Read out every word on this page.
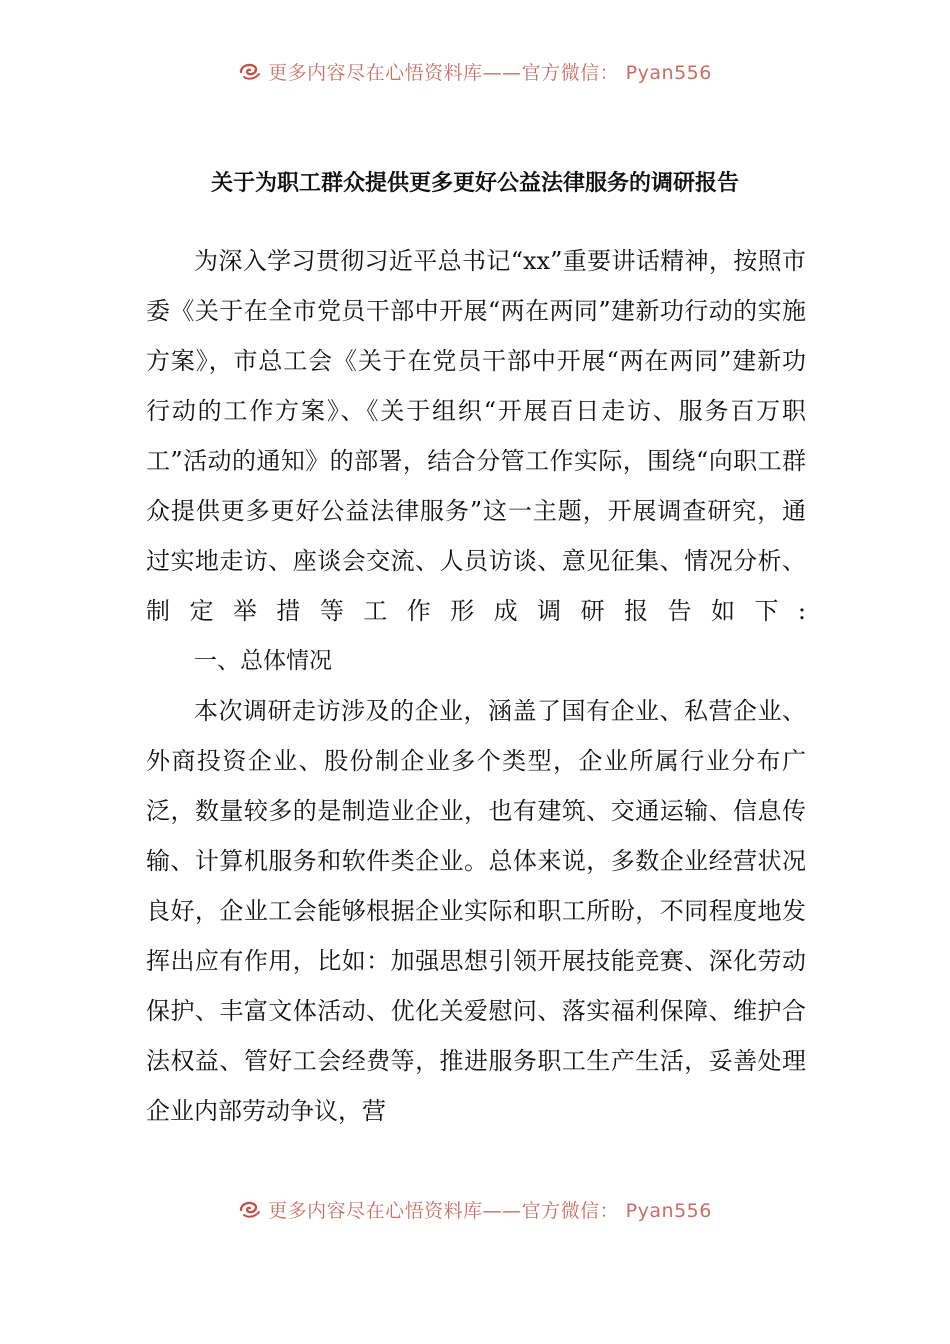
更多内容尽在心悟资料库——官方微信： Pyan556
关于为职工群众提供更多更好公益法律服务的调研报告

为深入学习贯彻习近平总书记“xx”重要讲话精神，按照市委《关于在全市党员干部中开展“两在两同”建新功行动的实施方案》，市总工会《关于在党员干部中开展“两在两同”建新功行动的工作方案》、《关于组织“开展百日走访、服务百万职工”活动的通知》的部署，结合分管工作实际，围绕“向职工群众提供更多更好公益法律服务”这一主题，开展调查研究，通过实地走访、座谈会交流、人员访谈、意见征集、情况分析、制定举措等工作形成调研报告如下:

一、总体情况

本次调研走访涉及的企业，涵盖了国有企业、私营企业、外商投资企业、股份制企业多个类型，企业所属行业分布广泛，数量较多的是制造业企业，也有建筑、交通运输、信息传输、计算机服务和软件类企业。总体来说，多数企业经营状况良好，企业工会能够根据企业实际和职工所盼，不同程度地发挥出应有作用，比如：加强思想引领开展技能竞赛、深化劳动保护、丰富文体活动、优化关爱慰问、落实福利保障、维护合法权益、管好工会经费等，推进服务职工生产生活，妥善处理企业内部劳动争议，营

更多内容尽在心悟资料库——官方微信： Pyan556
